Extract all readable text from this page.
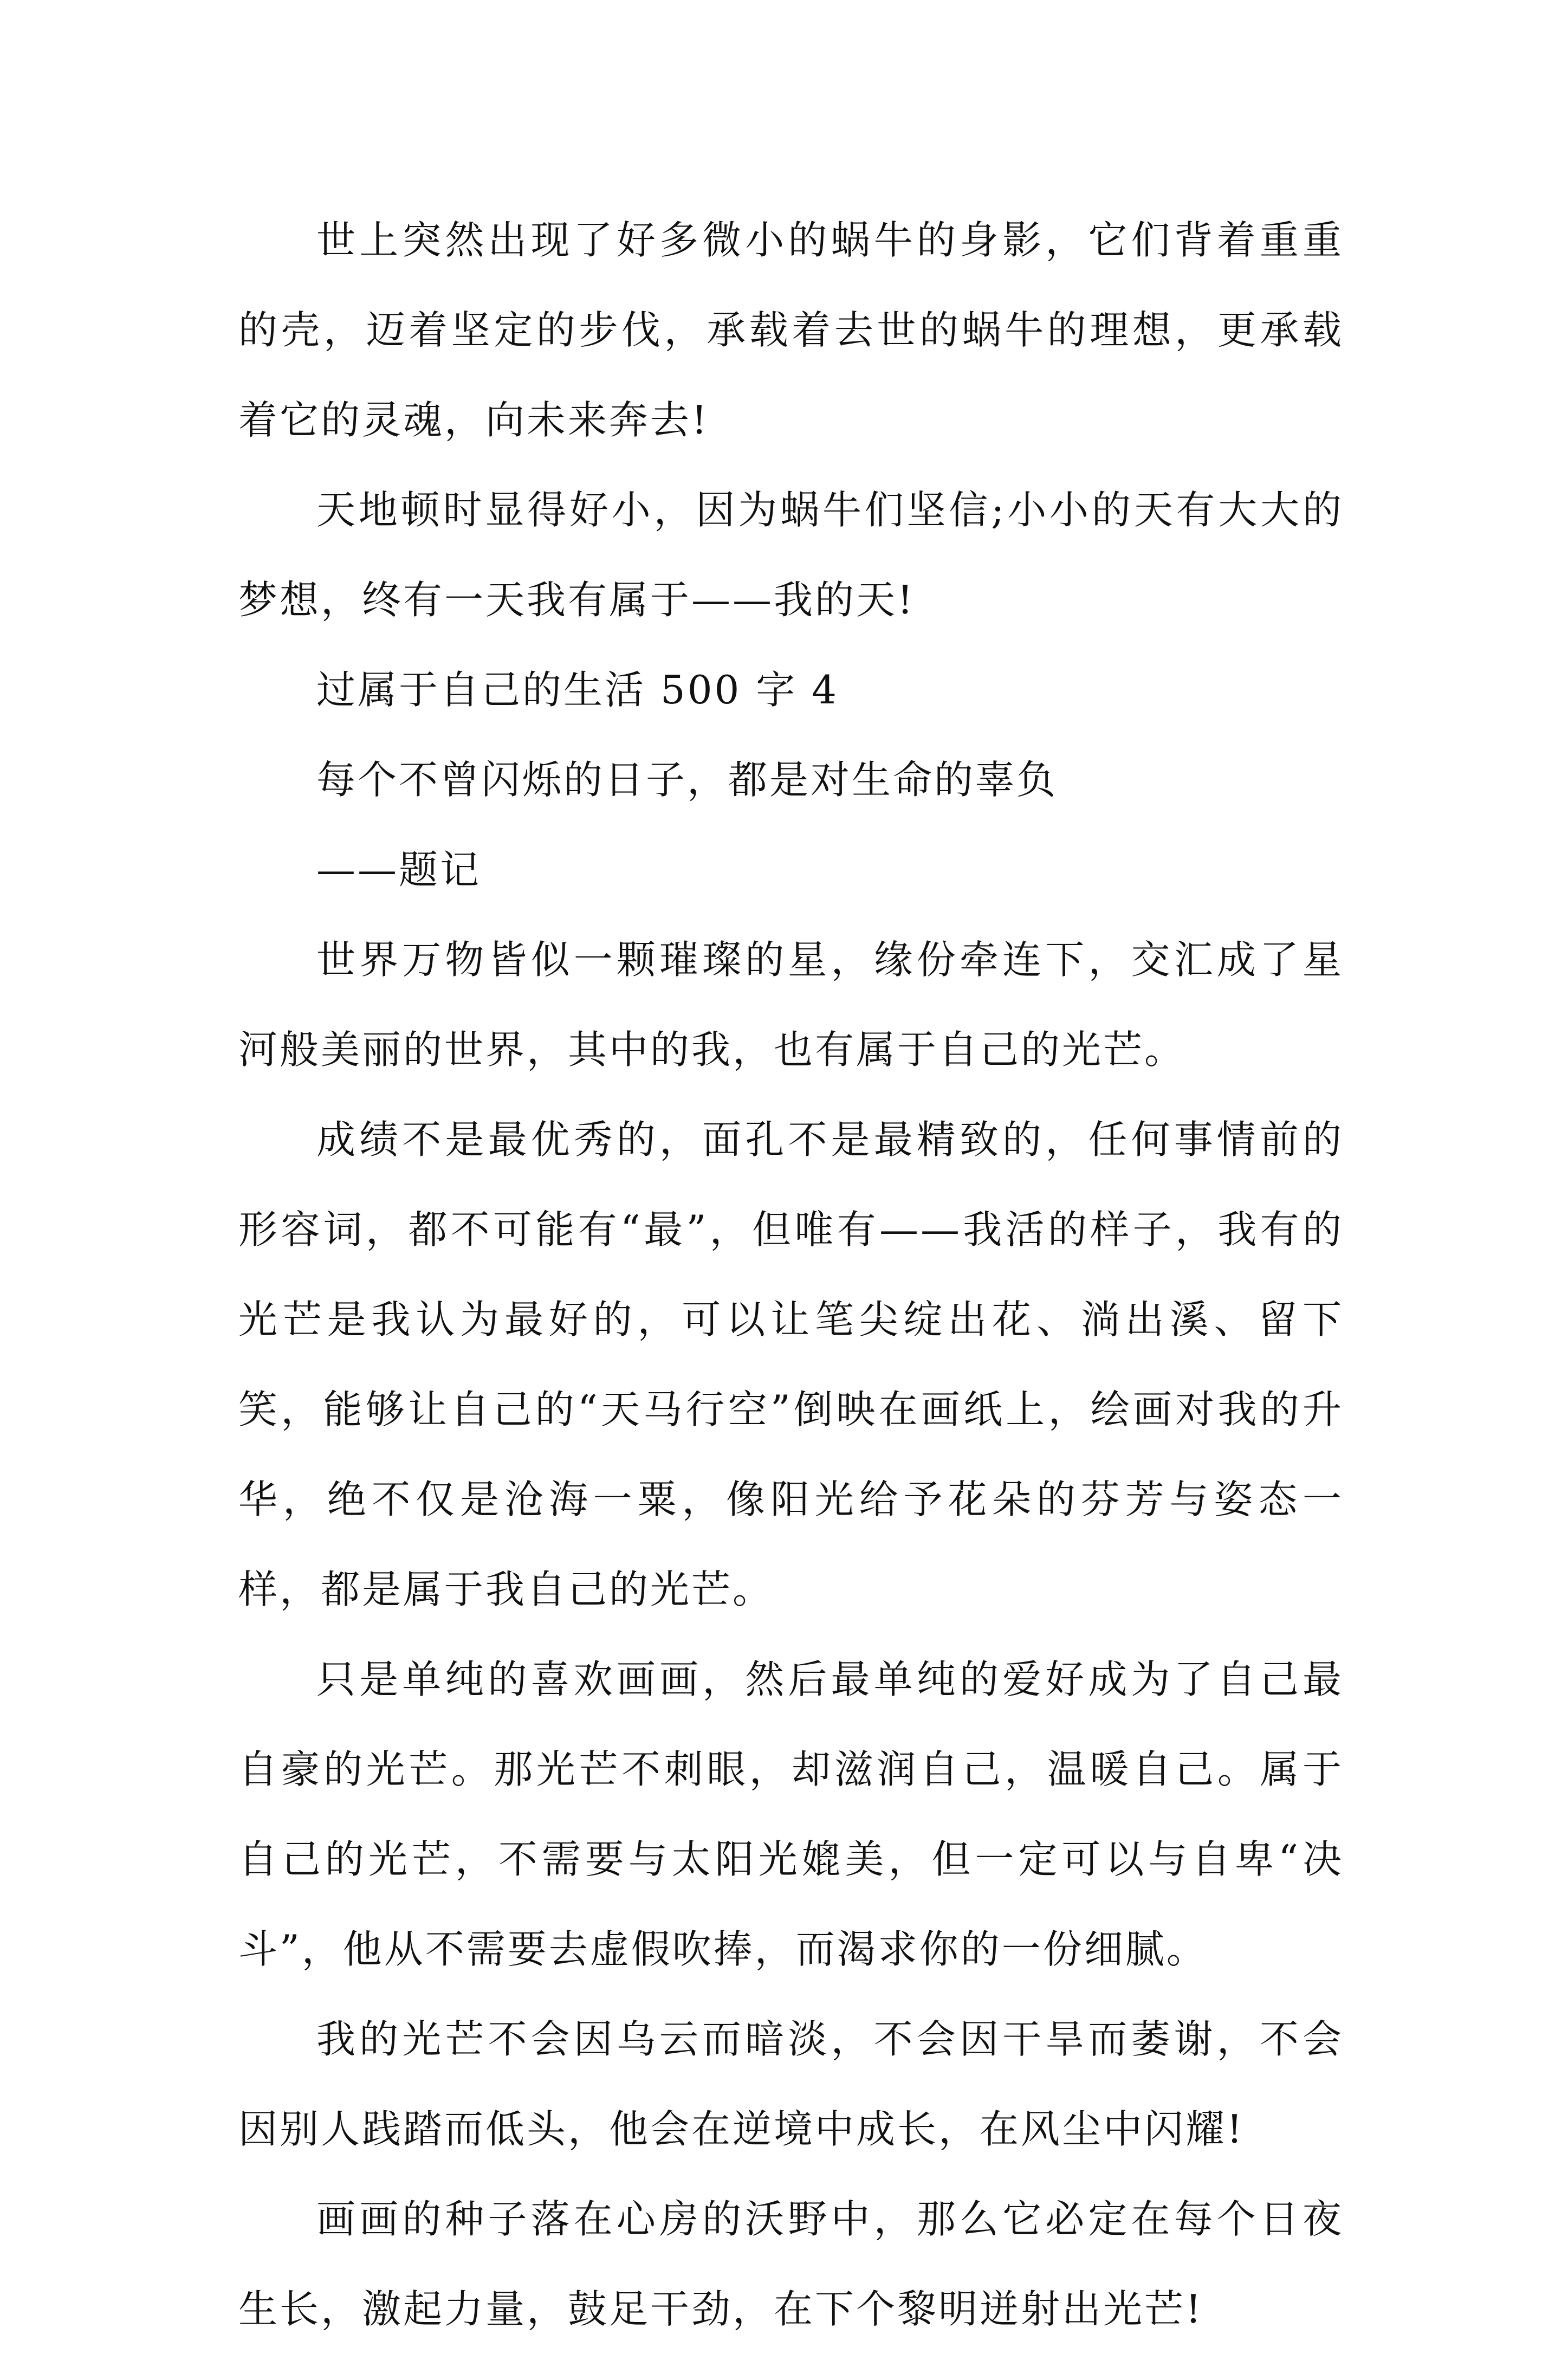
世上突然出现了好多微小的蜗牛的身影，它们背着重重的壳，迈着坚定的步伐，承载着去世的蜗牛的理想，更承载着它的灵魂，向未来奔去!

天地顿时显得好小，因为蜗牛们坚信;小小的天有大大的梦想，终有一天我有属于——我的天!

过属于自己的生活 500 字 4

每个不曾闪烁的日子，都是对生命的辜负

——题记

世界万物皆似一颗璀璨的星，缘份牵连下，交汇成了星河般美丽的世界，其中的我，也有属于自己的光芒。

成绩不是最优秀的，面孔不是最精致的，任何事情前的形容词，都不可能有“最”，但唯有——我活的样子，我有的光芒是我认为最好的，可以让笔尖绽出花、淌出溪、留下笑，能够让自己的“天马行空”倒映在画纸上，绘画对我的升华，绝不仅是沧海一粟，像阳光给予花朵的芬芳与姿态一样，都是属于我自己的光芒。

只是单纯的喜欢画画，然后最单纯的爱好成为了自己最自豪的光芒。那光芒不刺眼，却滋润自己，温暖自己。属于自己的光芒，不需要与太阳光媲美，但一定可以与自卑“决斗”，他从不需要去虚假吹捧，而渴求你的一份细腻。

我的光芒不会因乌云而暗淡，不会因干旱而萎谢，不会因别人践踏而低头，他会在逆境中成长，在风尘中闪耀!

画画的种子落在心房的沃野中，那么它必定在每个日夜生长，激起力量，鼓足干劲，在下个黎明迸射出光芒!
